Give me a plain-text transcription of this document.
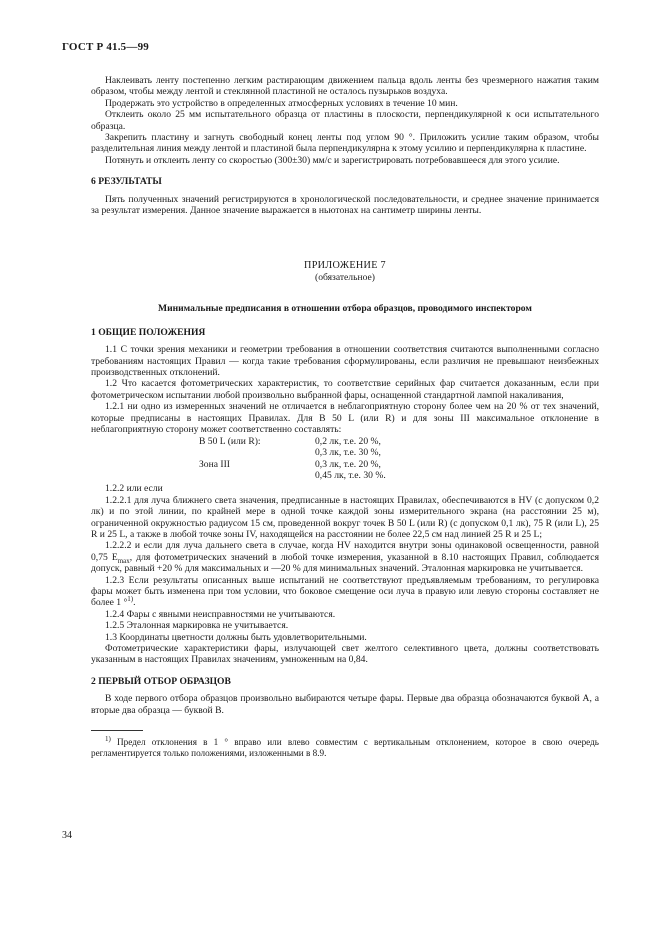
ГОСТ Р 41.5—99

Наклеивать ленту постепенно легким растирающим движением пальца вдоль ленты без чрезмерного нажатия таким образом, чтобы между лентой и стеклянной пластиной не осталось пузырьков воздуха.

Продержать это устройство в определенных атмосферных условиях в течение 10 мин.

Отклеить около 25 мм испытательного образца от пластины в плоскости, перпендикулярной к оси испытательного образца.

Закрепить пластину и загнуть свободный конец ленты под углом 90 °. Приложить усилие таким образом, чтобы разделительная линия между лентой и пластиной была перпендикулярна к этому усилию и перпендикулярна к пластине.

Потянуть и отклеить ленту со скоростью (300±30) мм/с и зарегистрировать потребовавшееся для этого усилие.

6 РЕЗУЛЬТАТЫ

Пять полученных значений регистрируются в хронологической последовательности, и среднее значение принимается за результат измерения. Данное значение выражается в ньютонах на сантиметр ширины ленты.

ПРИЛОЖЕНИЕ 7

(обязательное)

Минимальные предписания в отношении отбора образцов, проводимого инспектором

1 ОБЩИЕ ПОЛОЖЕНИЯ

1.1 С точки зрения механики и геометрии требования в отношении соответствия считаются выполненными согласно требованиям настоящих Правил — когда такие требования сформулированы, если различия не превышают неизбежных производственных отклонений.

1.2 Что касается фотометрических характеристик, то соответствие серийных фар считается доказанным, если при фотометрическом испытании любой произвольно выбранной фары, оснащенной стандартной лампой накаливания,

1.2.1 ни одно из измеренных значений не отличается в неблагоприятную сторону более чем на 20 % от тех значений, которые предписаны в настоящих Правилах. Для В 50 L (или R) и для зоны III максимальное отклонение в неблагоприятную сторону может соответственно составлять:

В 50 L (или R):	0,2 лк, т.е. 20 %,
0,3 лк, т.е. 30 %,
Зона III	0,3 лк, т.е. 20 %,
0,45 лк, т.е. 30 %.

1.2.2 или если

1.2.2.1 для луча ближнего света значения, предписанные в настоящих Правилах, обеспечиваются в HV (с допуском 0,2 лк) и по этой линии, по крайней мере в одной точке каждой зоны измерительного экрана (на расстоянии 25 м), ограниченной окружностью радиусом 15 см, проведенной вокруг точек В 50 L (или R) (с допуском 0,1 лк), 75 R (или L), 25 R и 25 L, а также в любой точке зоны IV, находящейся на расстоянии не более 22,5 см над линией 25 R и 25 L;

1.2.2.2 и если для луча дальнего света в случае, когда HV находится внутри зоны одинаковой освещенности, равной 0,75 $E_{max}$, для фотометрических значений в любой точке измерения, указанной в 8.10 настоящих Правил, соблюдается допуск, равный +20 % для максимальных и —20 % для минимальных значений. Эталонная маркировка не учитывается.

1.2.3 Если результаты описанных выше испытаний не соответствуют предъявляемым требованиям, то регулировка фары может быть изменена при том условии, что боковое смещение оси луча в правую или левую стороны составляет не более 1 °$^{1)}$.

1.2.4 Фары с явными неисправностями не учитываются.

1.2.5 Эталонная маркировка не учитывается.

1.3 Координаты цветности должны быть удовлетворительными.

Фотометрические характеристики фары, излучающей свет желтого селективного цвета, должны соответствовать указанным в настоящих Правилах значениям, умноженным на 0,84.

2 ПЕРВЫЙ ОТБОР ОБРАЗЦОВ

В ходе первого отбора образцов произвольно выбираются четыре фары. Первые два образца обозначаются буквой А, а вторые два образца — буквой В.

$^{1)}$ Предел отклонения в 1 ° вправо или влево совместим с вертикальным отклонением, которое в свою очередь регламентируется только положениями, изложенными в 8.9.

34
